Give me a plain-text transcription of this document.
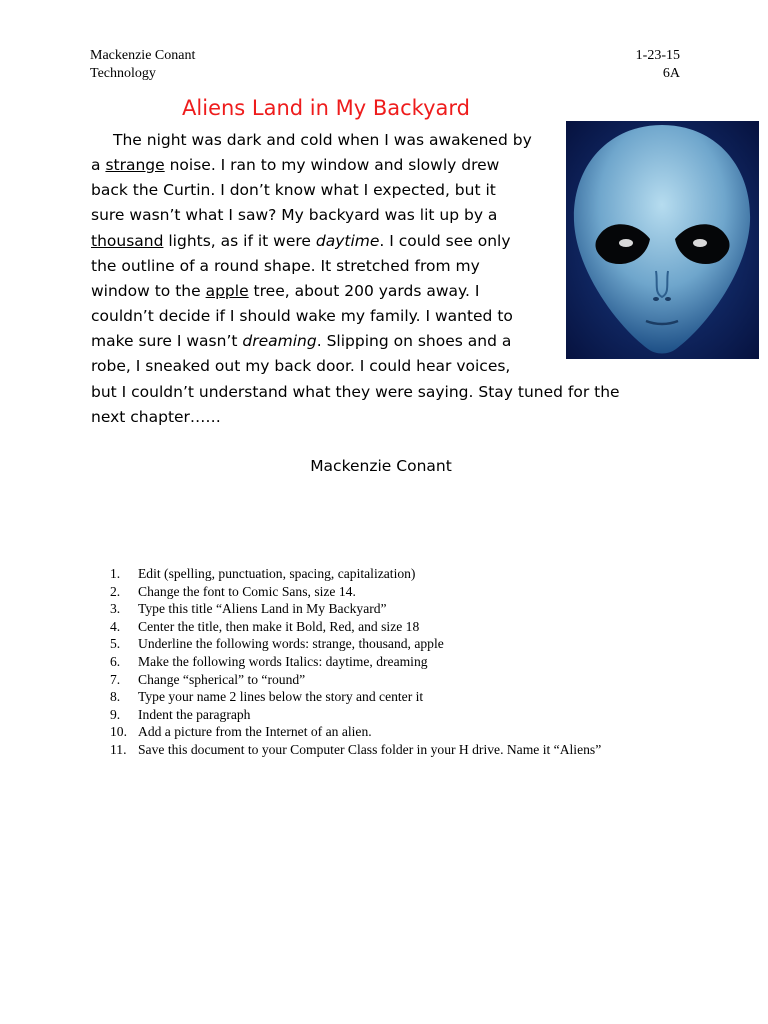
Mackenzie Conant
Technology
1-23-15
6A
Aliens Land in My Backyard
The night was dark and cold when I was awakened by
a strange noise. I ran to my window and slowly drew
back the Curtin. I don’t know what I expected, but it
sure wasn’t what I saw? My backyard was lit up by a
thousand lights, as if it were daytime. I could see only
the outline of a round shape. It stretched from my
window to the apple tree, about 200 yards away. I
couldn’t decide if I should wake my family. I wanted to
make sure I wasn’t dreaming. Slipping on shoes and a
robe, I sneaked out my back door. I could hear voices,
but I couldn’t understand what they were saying. Stay tuned for the
next chapter……
Mackenzie Conant
1. Edit (spelling, punctuation, spacing, capitalization)
2. Change the font to Comic Sans, size 14.
3. Type this title “Aliens Land in My Backyard”
4. Center the title, then make it Bold, Red, and size 18
5. Underline the following words: strange, thousand, apple
6. Make the following words Italics: daytime, dreaming
7. Change “spherical” to “round”
8. Type your name 2 lines below the story and center it
9. Indent the paragraph
10. Add a picture from the Internet of an alien.
11. Save this document to your Computer Class folder in your H drive. Name it “Aliens”
